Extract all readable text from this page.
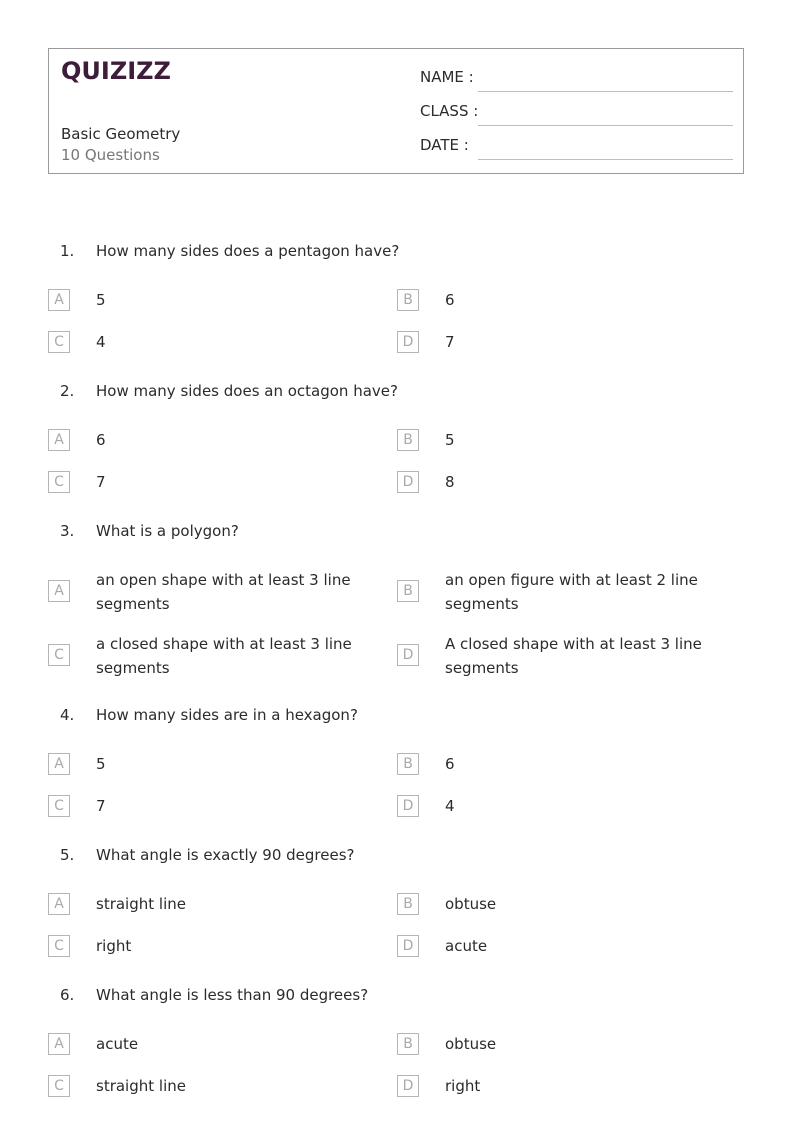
QUIZIZZ
Basic Geometry
10 Questions
NAME :
CLASS :
DATE :
1. How many sides does a pentagon have?
A	5	B	6
C	4	D	7
2. How many sides does an octagon have?
A	6	B	5
C	7	D	8
3. What is a polygon?
A
an open shape with at least 3 line segments
B
an open figure with at least 2 line segments
C
a closed shape with at least 3 line segments
D
A closed shape with at least 3 line segments
4. How many sides are in a hexagon?
A	5	B	6
C	7	D	4
5. What angle is exactly 90 degrees?
A	straight line	B	obtuse
C	right	D	acute
6. What angle is less than 90 degrees?
A	acute	B	obtuse
C	straight line	D	right
